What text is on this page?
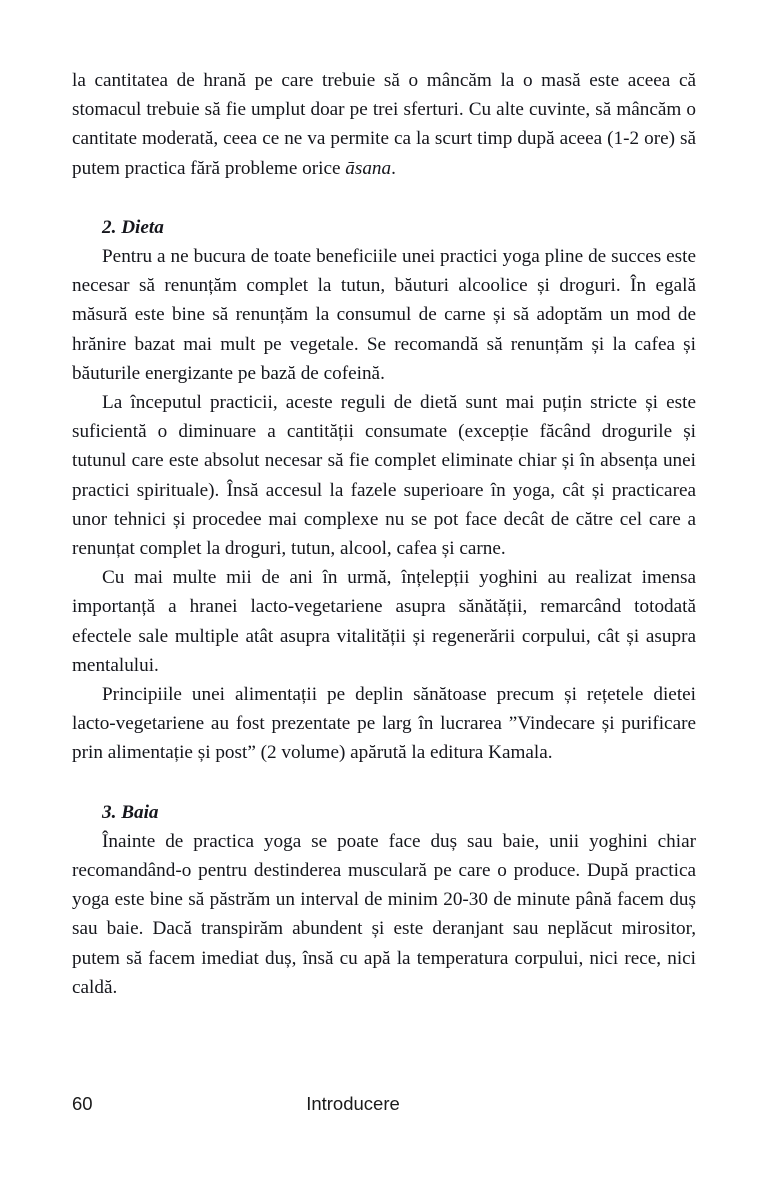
la cantitatea de hrană pe care trebuie să o mâncăm la o masă este aceea că stomacul trebuie să fie umplut doar pe trei sferturi. Cu alte cuvinte, să mâncăm o cantitate moderată, ceea ce ne va permite ca la scurt timp după aceea (1-2 ore) să putem practica fără probleme orice āsana.

2. Dieta

Pentru a ne bucura de toate beneficiile unei practici yoga pline de succes este necesar să renunțăm complet la tutun, băuturi alcoolice și droguri. În egală măsură este bine să renunțăm la consumul de carne și să adoptăm un mod de hrănire bazat mai mult pe vegetale. Se recomandă să renunțăm și la cafea și băuturile energizante pe bază de cofeină.

La începutul practicii, aceste reguli de dietă sunt mai puțin stricte și este suficientă o diminuare a cantității consumate (excepție făcând drogurile și tutunul care este absolut necesar să fie complet eliminate chiar și în absența unei practici spirituale). Însă accesul la fazele superioare în yoga, cât și practicarea unor tehnici și procedee mai complexe nu se pot face decât de către cel care a renunțat complet la droguri, tutun, alcool, cafea și carne.

Cu mai multe mii de ani în urmă, înțelepții yoghini au realizat imensa importanță a hranei lacto-vegetariene asupra sănătății, remarcând totodată efectele sale multiple atât asupra vitalității și regenerării corpului, cât și asupra mentalului.

Principiile unei alimentații pe deplin sănătoase precum și rețetele dietei lacto-vegetariene au fost prezentate pe larg în lucrarea ”Vindecare și purificare prin alimentație și post” (2 volume) apărută la editura Kamala.

3. Baia

Înainte de practica yoga se poate face duș sau baie, unii yoghini chiar recomandând-o pentru destinderea musculară pe care o produce. După practica yoga este bine să păstrăm un interval de minim 20-30 de minute până facem duș sau baie. Dacă transpirăm abundent și este deranjant sau neplăcut mirositor, putem să facem imediat duș, însă cu apă la temperatura corpului, nici rece, nici caldă.

60	Introducere
